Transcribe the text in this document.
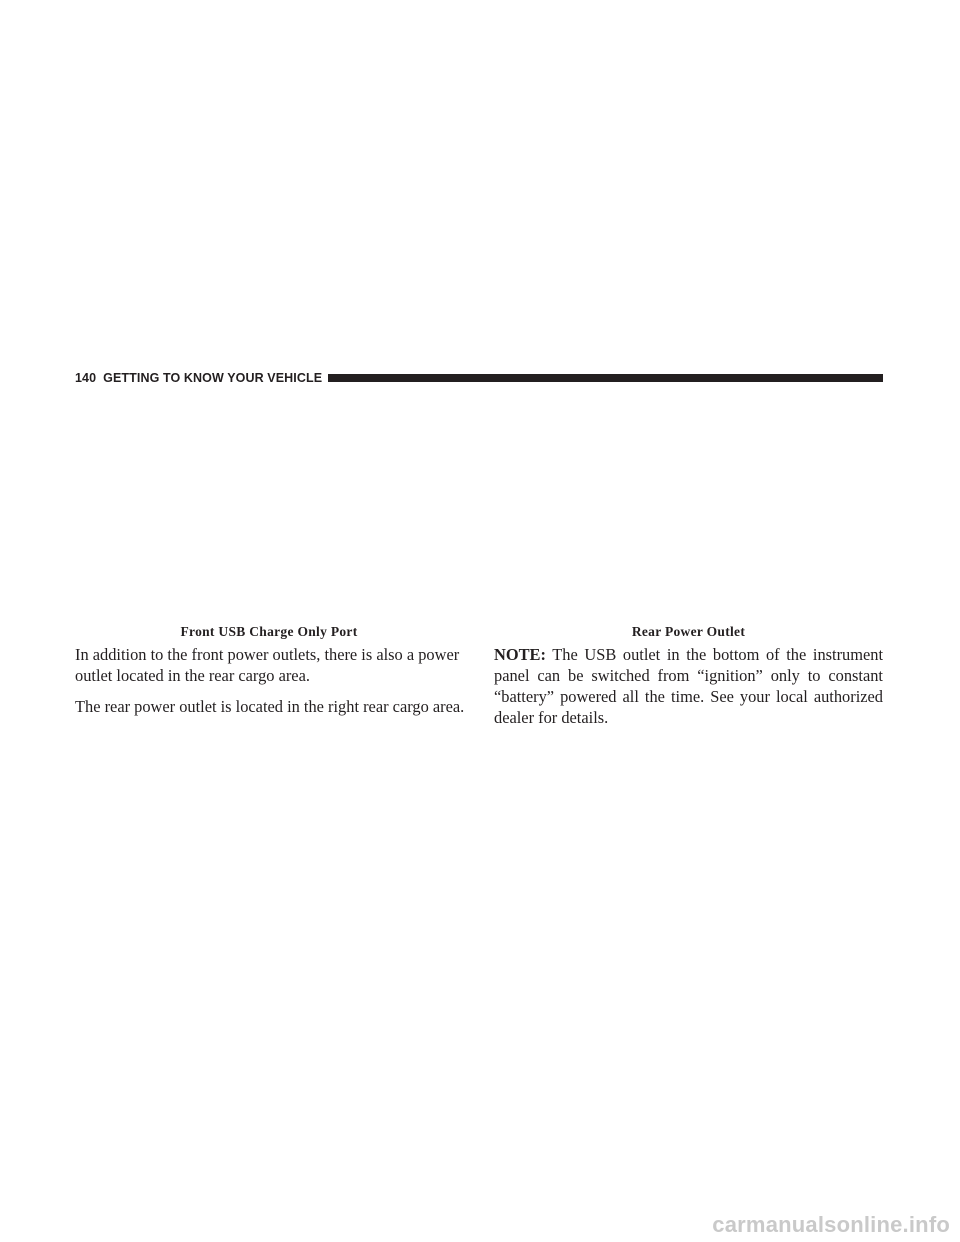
140 GETTING TO KNOW YOUR VEHICLE
Front USB Charge Only Port	Rear Power Outlet

In addition to the front power outlets, there is also a power
outlet located in the rear cargo area.

The rear power outlet is located in the right rear cargo area.

NOTE: The USB outlet in the bottom of the instrument panel can be switched from “ignition” only to constant “battery” powered all the time. See your local authorized dealer for details.

carmanualsonline.info
